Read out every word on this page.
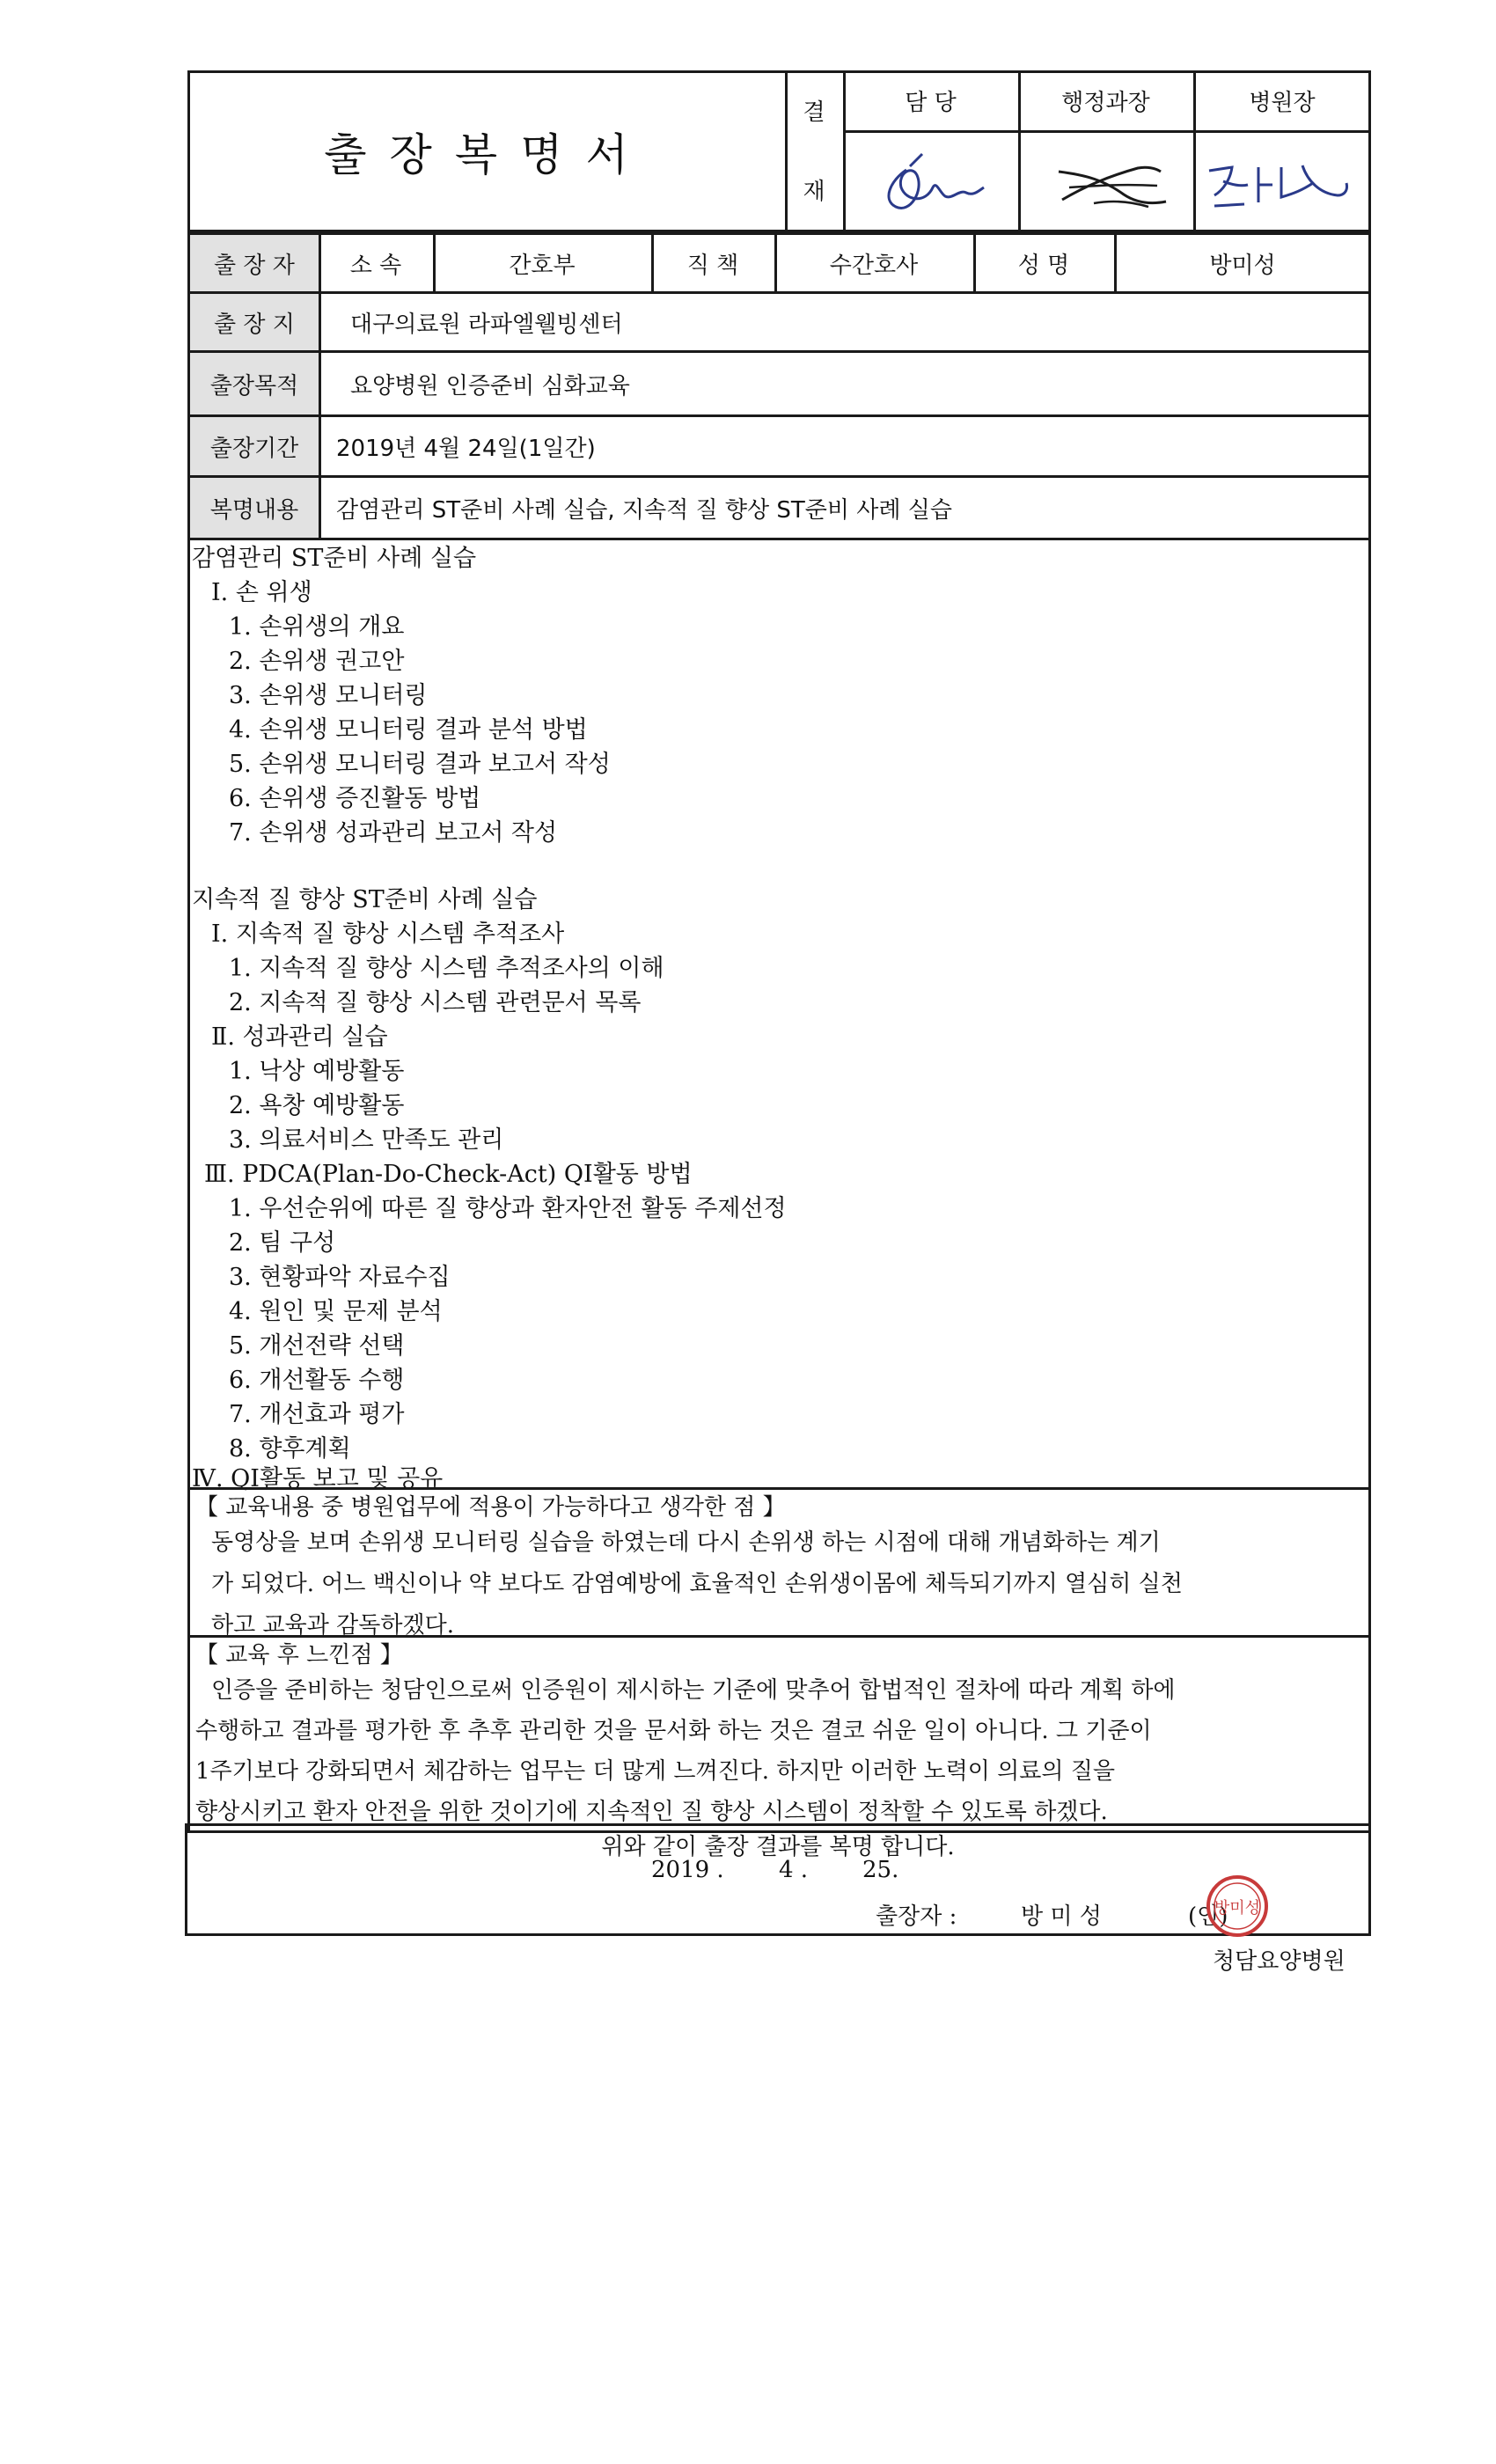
출장복명서
결
재
담 당	행정과장	병원장
출 장 자	소 속	간호부	직 책	수간호사	성 명	방미성
출 장 지	대구의료원 라파엘웰빙센터
출장목적	요양병원 인증준비 심화교육
출장기간	2019년 4월 24일(1일간)
복명내용	감염관리 ST준비 사례 실습, 지속적 질 향상 ST준비 사례 실습
감염관리 ST준비 사례 실습
Ⅰ. 손 위생
1. 손위생의 개요
2. 손위생 권고안
3. 손위생 모니터링
4. 손위생 모니터링 결과 분석 방법
5. 손위생 모니터링 결과 보고서 작성
6. 손위생 증진활동 방법
7. 손위생 성과관리 보고서 작성
지속적 질 향상 ST준비 사례 실습
Ⅰ. 지속적 질 향상 시스템 추적조사
1. 지속적 질 향상 시스템 추적조사의 이해
2. 지속적 질 향상 시스템 관련문서 목록
Ⅱ. 성과관리 실습
1. 낙상 예방활동
2. 욕창 예방활동
3. 의료서비스 만족도 관리
Ⅲ. PDCA(Plan-Do-Check-Act) QI활동 방법
1. 우선순위에 따른 질 향상과 환자안전 활동 주제선정
2. 팀 구성
3. 현황파악 자료수집
4. 원인 및 문제 분석
5. 개선전략 선택
6. 개선활동 수행
7. 개선효과 평가
8. 향후계획
Ⅳ. QI활동 보고 및 공유
【 교육내용 중 병원업무에 적용이 가능하다고 생각한 점 】
동영상을 보며 손위생 모니터링 실습을 하였는데 다시 손위생 하는 시점에 대해 개념화하는 계기
가 되었다. 어느 백신이나 약 보다도 감염예방에 효율적인 손위생이몸에 체득되기까지 열심히 실천
하고 교육과 감독하겠다.
【 교육 후 느낀점 】
인증을 준비하는 청담인으로써 인증원이 제시하는 기준에 맞추어 합법적인 절차에 따라 계획 하에
수행하고 결과를 평가한 후 추후 관리한 것을 문서화 하는 것은 결코 쉬운 일이 아니다. 그 기준이
1주기보다 강화되면서 체감하는 업무는 더 많게 느껴진다. 하지만 이러한 노력이 의료의 질을
향상시키고 환자 안전을 위한 것이기에 지속적인 질 향상 시스템이 정착할 수 있도록 하겠다.
위와 같이 출장 결과를 복명 합니다.
2019 . 4 . 25.
출장자 :	방 미 성	(인)
방미성
청담요양병원
